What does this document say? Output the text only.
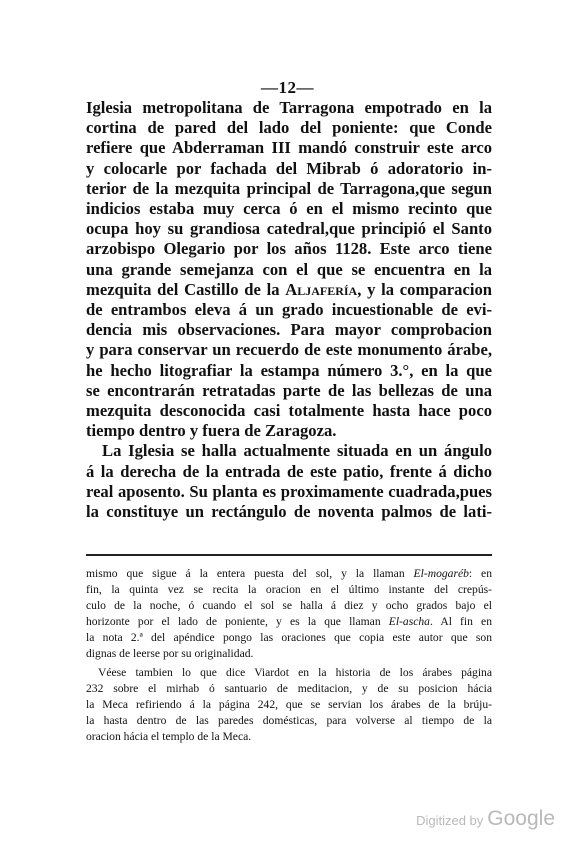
—12—
Iglesia metropolitana de Tarragona empotrado en la
cortina de pared del lado del poniente: que Conde
refiere que Abderraman III mandó construir este arco
y colocarle por fachada del Mibrab ó adoratorio in-
terior de la mezquita principal de Tarragona,que segun
indicios estaba muy cerca ó en el mismo recinto que
ocupa hoy su grandiosa catedral,que principió el Santo
arzobispo Olegario por los años 1128. Este arco tiene
una grande semejanza con el que se encuentra en la
mezquita del Castillo de la Aljafería, y la comparacion
de entrambos eleva á un grado incuestionable de evi-
dencia mis observaciones. Para mayor comprobacion
y para conservar un recuerdo de este monumento árabe,
he hecho litografiar la estampa número 3.°, en la que
se encontrarán retratadas parte de las bellezas de una
mezquita desconocida casi totalmente hasta hace poco
tiempo dentro y fuera de Zaragoza.
La Iglesia se halla actualmente situada en un ángulo
á la derecha de la entrada de este patio, frente á dicho
real aposento. Su planta es proximamente cuadrada,pues
la constituye un rectángulo de noventa palmos de lati-
mismo que sigue á la entera puesta del sol, y la llaman El-mogaréb: en
fin, la quinta vez se recita la oracion en el último instante del crepús-
culo de la noche, ó cuando el sol se halla á diez y ocho grados bajo el
horizonte por el lado de poniente, y es la que llaman El-ascha. Al fin en
la nota 2.ª del apéndice pongo las oraciones que copia este autor que son
dignas de leerse por su originalidad.
Véese tambien lo que dice Viardot en la historia de los árabes página
232 sobre el mirhab ó santuario de meditacion, y de su posicion hácia
la Meca refiriendo á la página 242, que se servian los árabes de la brúju-
la hasta dentro de las paredes domésticas, para volverse al tiempo de la
oracion hácia el templo de la Meca.
Digitized by Google
